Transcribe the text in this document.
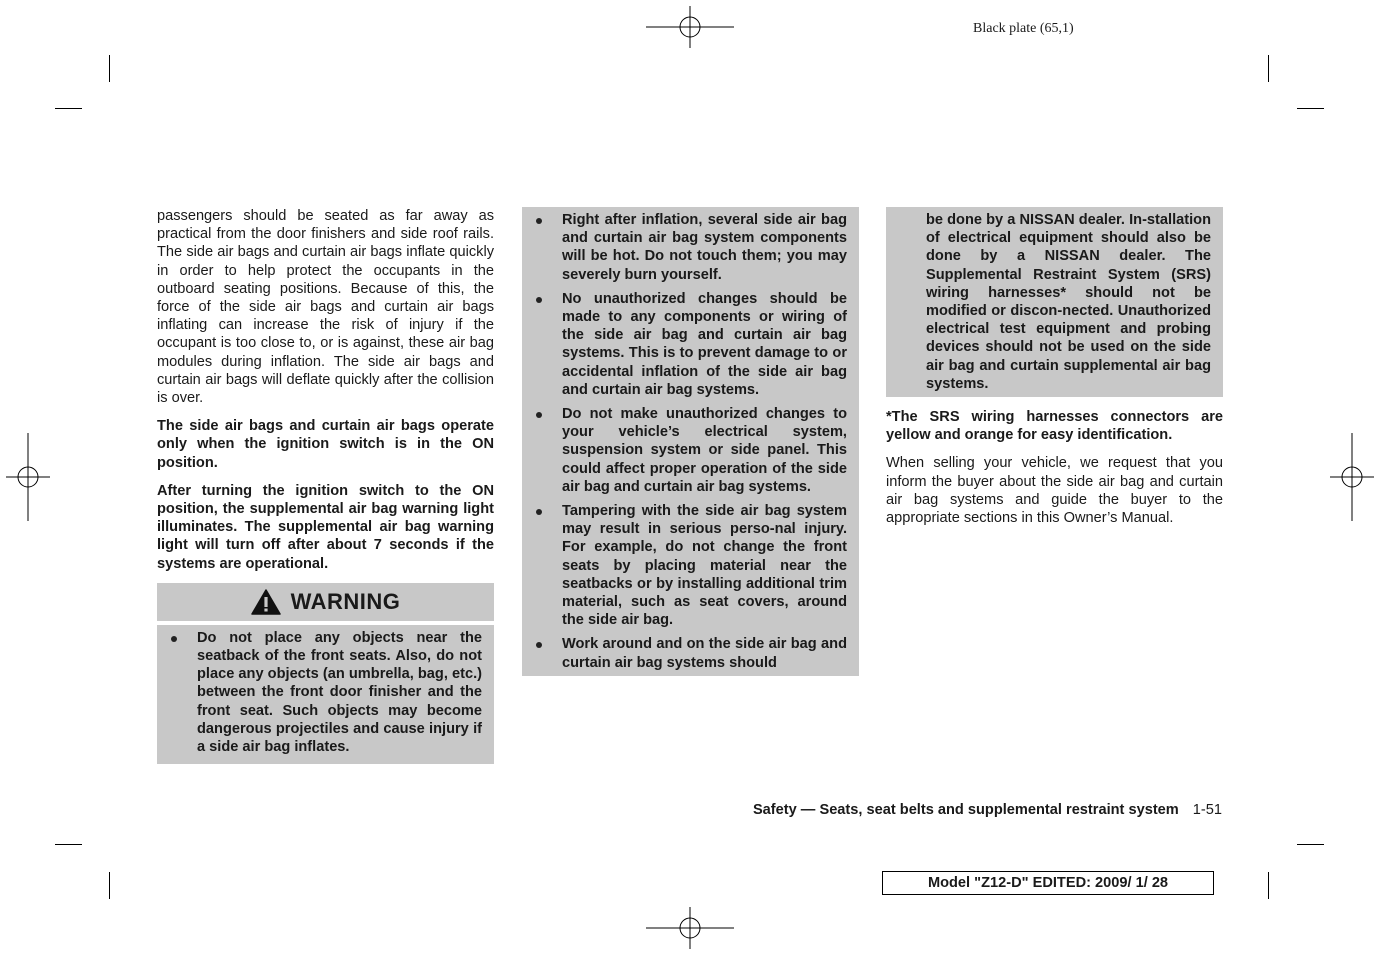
Black plate (65,1)

passengers should be seated as far away as practical from the door finishers and side roof rails. The side air bags and curtain air bags inflate quickly in order to help protect the occupants in the outboard seating positions. Because of this, the force of the side air bags and curtain air bags inflating can increase the risk of injury if the occupant is too close to, or is against, these air bag modules during inflation. The side air bags and curtain air bags will deflate quickly after the collision is over.

The side air bags and curtain air bags operate only when the ignition switch is in the ON position.

After turning the ignition switch to the ON position, the supplemental air bag warning light illuminates. The supplemental air bag warning light will turn off after about 7 seconds if the systems are operational.

WARNING
Do not place any objects near the seatback of the front seats. Also, do not place any objects (an umbrella, bag, etc.) between the front door finisher and the front seat. Such objects may become dangerous projectiles and cause injury if a side air bag inflates.
Right after inflation, several side air bag and curtain air bag system components will be hot. Do not touch them; you may severely burn yourself.
No unauthorized changes should be made to any components or wiring of the side air bag and curtain air bag systems. This is to prevent damage to or accidental inflation of the side air bag and curtain air bag systems.
Do not make unauthorized changes to your vehicle’s electrical system, suspension system or side panel. This could affect proper operation of the side air bag and curtain air bag systems.
Tampering with the side air bag system may result in serious perso-nal injury. For example, do not change the front seats by placing material near the seatbacks or by installing additional trim material, such as seat covers, around the side air bag.
Work around and on the side air bag and curtain air bag systems should

be done by a NISSAN dealer. In-stallation of electrical equipment should also be done by a NISSAN dealer. The Supplemental Restraint System (SRS) wiring harnesses* should not be modified or discon-nected. Unauthorized electrical test equipment and probing devices should not be used on the side air bag and curtain supplemental air bag systems.

*The SRS wiring harnesses connectors are yellow and orange for easy identification.

When selling your vehicle, we request that you inform the buyer about the side air bag and curtain air bag systems and guide the buyer to the appropriate sections in this Owner’s Manual.

Safety — Seats, seat belts and supplemental restraint system 1-51
Model "Z12-D" EDITED: 2009/ 1/ 28
